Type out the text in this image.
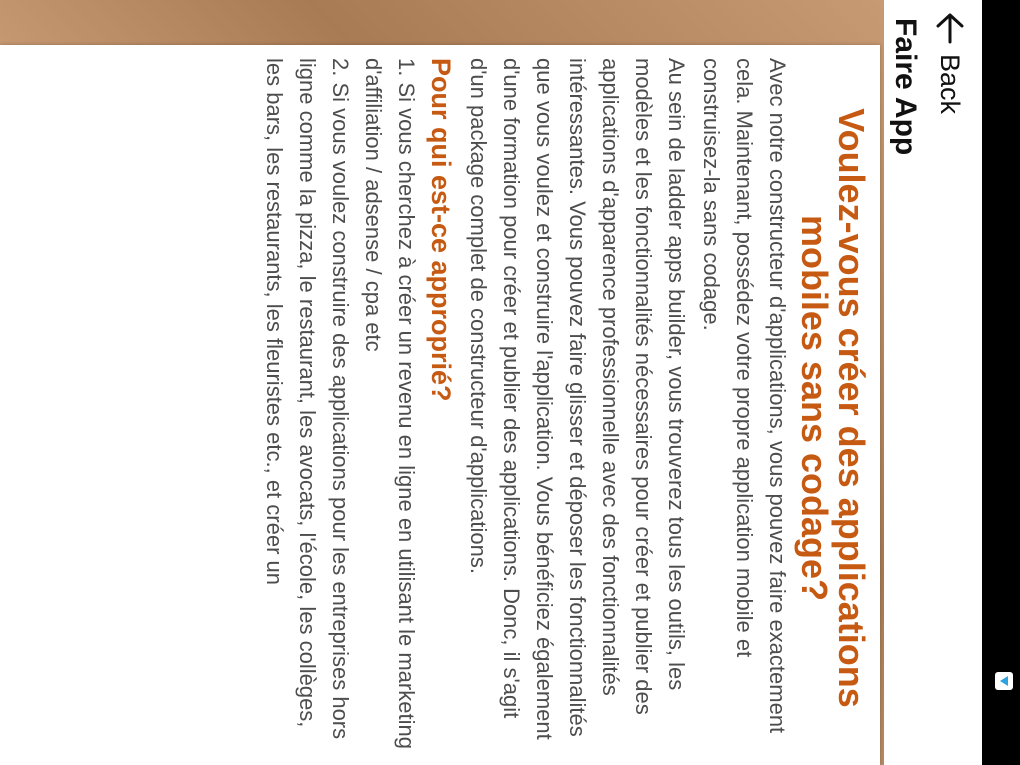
Back
Faire App
Voulez-vous créer des applications mobiles sans codage?

Avec notre constructeur d'applications, vous pouvez faire exactement cela. Maintenant, possédez votre propre application mobile et construisez-la sans codage.

Au sein de ladder apps builder, vous trouverez tous les outils, les modèles et les fonctionnalités nécessaires pour créer et publier des applications d'apparence professionnelle avec des fonctionnalités intéressantes. Vous pouvez faire glisser et déposer les fonctionnalités que vous voulez et construire l'application. Vous bénéficiez également d'une formation pour créer et publier des applications. Donc, il s'agit d'un package complet de constructeur d'applications.

Pour qui est-ce approprié?

1. Si vous cherchez à créer un revenu en ligne en utilisant le marketing d'affiliation / adsense / cpa etc

2. Si vous voulez construire des applications pour les entreprises hors ligne comme la pizza, le restaurant, les avocats, l'école, les collèges, les bars, les restaurants, les fleuristes etc., et créer un
